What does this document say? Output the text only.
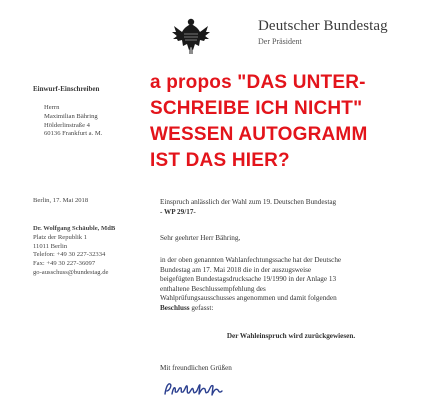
Deutscher Bundestag
Der Präsident
a propos "DAS UNTER-
SCHREIBE ICH NICHT"
WESSEN AUTOGRAMM
IST DAS HIER?
Einwurf-Einschreiben
Herrn
Maximilian Bähring
Hölderlinstraße 4
60136 Frankfurt a. M.
Berlin, 17. Mai 2018
Dr. Wolfgang Schäuble, MdB
Platz der Republik 1
11011 Berlin
Telefon: +49 30 227-32334
Fax: +49 30 227-36097
go-ausschuss@bundestag.de
Einspruch anlässlich der Wahl zum 19. Deutschen Bundestag
- WP 29/17-
Sehr geehrter Herr Bähring,
in der oben genannten Wahlanfechtungssache hat der Deutsche
Bundestag am 17. Mai 2018 die in der auszugsweise
beigefügten Bundestagsdrucksache 19/1990 in der Anlage 13
enthaltene Beschlussempfehlung des
Wahlprüfungsausschusses angenommen und damit folgenden
Beschluss gefasst:
Der Wahleinspruch wird zurückgewiesen.
Mit freundlichen Grüßen
